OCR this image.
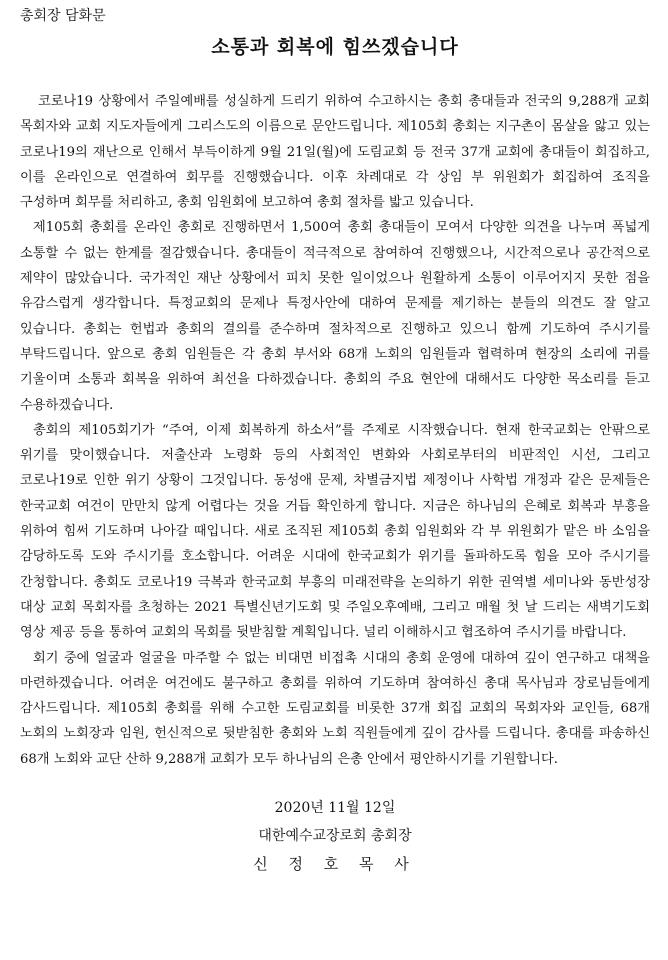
총회장 담화문
소통과 회복에 힘쓰겠습니다

코로나19 상황에서 주일예배를 성실하게 드리기 위하여 수고하시는 총회 총대들과 전국의 9,288개 교회 목회자와 교회 지도자들에게 그리스도의 이름으로 문안드립니다. 제105회 총회는 지구촌이 몸살을 앓고 있는 코로나19의 재난으로 인해서 부득이하게 9월 21일(월)에 도림교회 등 전국 37개 교회에 총대들이 회집하고, 이를 온라인으로 연결하여 회무를 진행했습니다. 이후 차례대로 각 상임 부 위원회가 회집하여 조직을 구성하며 회무를 처리하고, 총회 임원회에 보고하여 총회 절차를 밟고 있습니다.

제105회 총회를 온라인 총회로 진행하면서 1,500여 총회 총대들이 모여서 다양한 의견을 나누며 폭넓게 소통할 수 없는 한계를 절감했습니다. 총대들이 적극적으로 참여하여 진행했으나, 시간적으로나 공간적으로 제약이 많았습니다. 국가적인 재난 상황에서 피치 못한 일이었으나 원활하게 소통이 이루어지지 못한 점을 유감스럽게 생각합니다. 특정교회의 문제나 특정사안에 대하여 문제를 제기하는 분들의 의견도 잘 알고 있습니다. 총회는 헌법과 총회의 결의를 준수하며 절차적으로 진행하고 있으니 함께 기도하여 주시기를 부탁드립니다. 앞으로 총회 임원들은 각 총회 부서와 68개 노회의 임원들과 협력하며 현장의 소리에 귀를 기울이며 소통과 회복을 위하여 최선을 다하겠습니다. 총회의 주요 현안에 대해서도 다양한 목소리를 듣고 수용하겠습니다.

총회의 제105회기가 “주여, 이제 회복하게 하소서”를 주제로 시작했습니다. 현재 한국교회는 안팎으로 위기를 맞이했습니다. 저출산과 노령화 등의 사회적인 변화와 사회로부터의 비판적인 시선, 그리고 코로나19로 인한 위기 상황이 그것입니다. 동성애 문제, 차별금지법 제정이나 사학법 개정과 같은 문제들은 한국교회 여건이 만만치 않게 어렵다는 것을 거듭 확인하게 합니다. 지금은 하나님의 은혜로 회복과 부흥을 위하여 힘써 기도하며 나아갈 때입니다. 새로 조직된 제105회 총회 임원회와 각 부 위원회가 맡은 바 소임을 감당하도록 도와 주시기를 호소합니다. 어려운 시대에 한국교회가 위기를 돌파하도록 힘을 모아 주시기를 간청합니다. 총회도 코로나19 극복과 한국교회 부흥의 미래전략을 논의하기 위한 권역별 세미나와 동반성장 대상 교회 목회자를 초청하는 2021 특별신년기도회 및 주일오후예배, 그리고 매월 첫 날 드리는 새벽기도회 영상 제공 등을 통하여 교회의 목회를 뒷받침할 계획입니다. 널리 이해하시고 협조하여 주시기를 바랍니다.

회기 중에 얼굴과 얼굴을 마주할 수 없는 비대면 비접촉 시대의 총회 운영에 대하여 깊이 연구하고 대책을 마련하겠습니다. 어려운 여건에도 불구하고 총회를 위하여 기도하며 참여하신 총대 목사님과 장로님들에게 감사드립니다. 제105회 총회를 위해 수고한 도림교회를 비롯한 37개 회집 교회의 목회자와 교인들, 68개 노회의 노회장과 임원, 헌신적으로 뒷받침한 총회와 노회 직원들에게 깊이 감사를 드립니다. 총대를 파송하신 68개 노회와 교단 산하 9,288개 교회가 모두 하나님의 은총 안에서 평안하시기를 기원합니다.

2020년 11월 12일
대한예수교장로회 총회장
신 정 호 목 사
